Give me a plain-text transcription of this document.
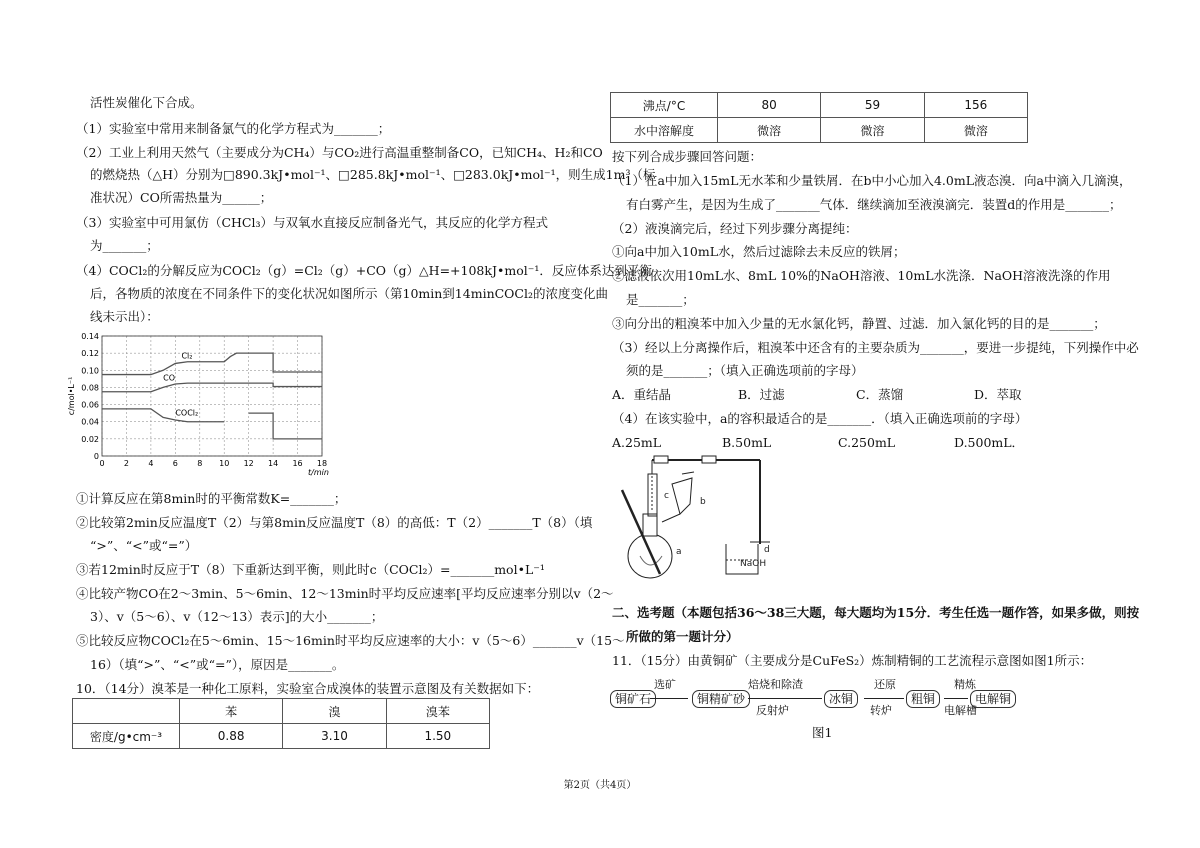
活性炭催化下合成。
（1）实验室中常用来制备氯气的化学方程式为_______；
（2）工业上利用天然气（主要成分为CH₄）与CO₂进行高温重整制备CO，已知CH₄、H₂和CO
的燃烧热（△H）分别为□890.3kJ•mol⁻¹、□285.8kJ•mol⁻¹、□283.0kJ•mol⁻¹，则生成1m³（标
准状况）CO所需热量为______；
（3）实验室中可用氯仿（CHCl₃）与双氧水直接反应制备光气，其反应的化学方程式
为_______；
（4）COCl₂的分解反应为COCl₂（g）=Cl₂（g）+CO（g）△H=+108kJ•mol⁻¹．反应体系达到平衡
后，各物质的浓度在不同条件下的变化状况如图所示（第10min到14minCOCl₂的浓度变化曲
线未示出）：
0 2 4 6 8 10 12 14 16 18
0
0.02
0.04
0.06
0.08
0.10
0.12
0.14
t/min
c/mol•L⁻¹
Cl₂
CO
COCl₂
①计算反应在第8min时的平衡常数K=_______；
②比较第2min反应温度T（2）与第8min反应温度T（8）的高低：T（2）_______T（8）（填
“>”、“<”或“=”）
③若12min时反应于T（8）下重新达到平衡，则此时c（COCl₂）=_______mol•L⁻¹
④比较产物CO在2～3min、5～6min、12～13min时平均反应速率[平均反应速率分别以v（2～
3）、v（5～6）、v（12～13）表示]的大小_______；
⑤比较反应物COCl₂在5～6min、15～16min时平均反应速率的大小：v（5～6）_______v（15～
16）（填“>”、“<”或“=”），原因是_______。
10．（14分）溴苯是一种化工原料，实验室合成溴体的装置示意图及有关数据如下：
	苯	溴	溴苯
密度/g•cm⁻³	0.88	3.10	1.50
沸点/°C	80	59	156
水中溶解度	微溶	微溶	微溶
按下列合成步骤回答问题：
（1）在a中加入15mL无水苯和少量铁屑．在b中小心加入4.0mL液态溴．向a中滴入几滴溴，
有白雾产生，是因为生成了_______气体．继续滴加至液溴滴完．装置d的作用是_______；
（2）液溴滴完后，经过下列步骤分离提纯：
①向a中加入10mL水，然后过滤除去未反应的铁屑；
②滤液依次用10mL水、8mL 10%的NaOH溶液、10mL水洗涤．NaOH溶液洗涤的作用
是_______；
③向分出的粗溴苯中加入少量的无水氯化钙，静置、过滤．加入氯化钙的目的是_______；
（3）经以上分离操作后，粗溴苯中还含有的主要杂质为_______，要进一步提纯，下列操作中必
须的是_______；（填入正确选项前的字母）
A．重结晶	B．过滤	C．蒸馏	D．萃取
（4）在该实验中，a的容积最适合的是_______．（填入正确选项前的字母）
A.25mL	B.50mL	C.250mL	D.500mL．
c
b
a	d
NaOH
二、选考题（本题包括36～38三大题，每大题均为15分．考生任选一题作答，如果多做，则按
所做的第一题计分）
11．（15分）由黄铜矿（主要成分是CuFeS₂）炼制精铜的工艺流程示意图如图1所示：
铜矿石
选矿
铜精矿砂
焙烧和除渣
反射炉
冰铜
还原
转炉
粗铜
精炼
电解槽
电解铜
图1
第2页（共4页）
